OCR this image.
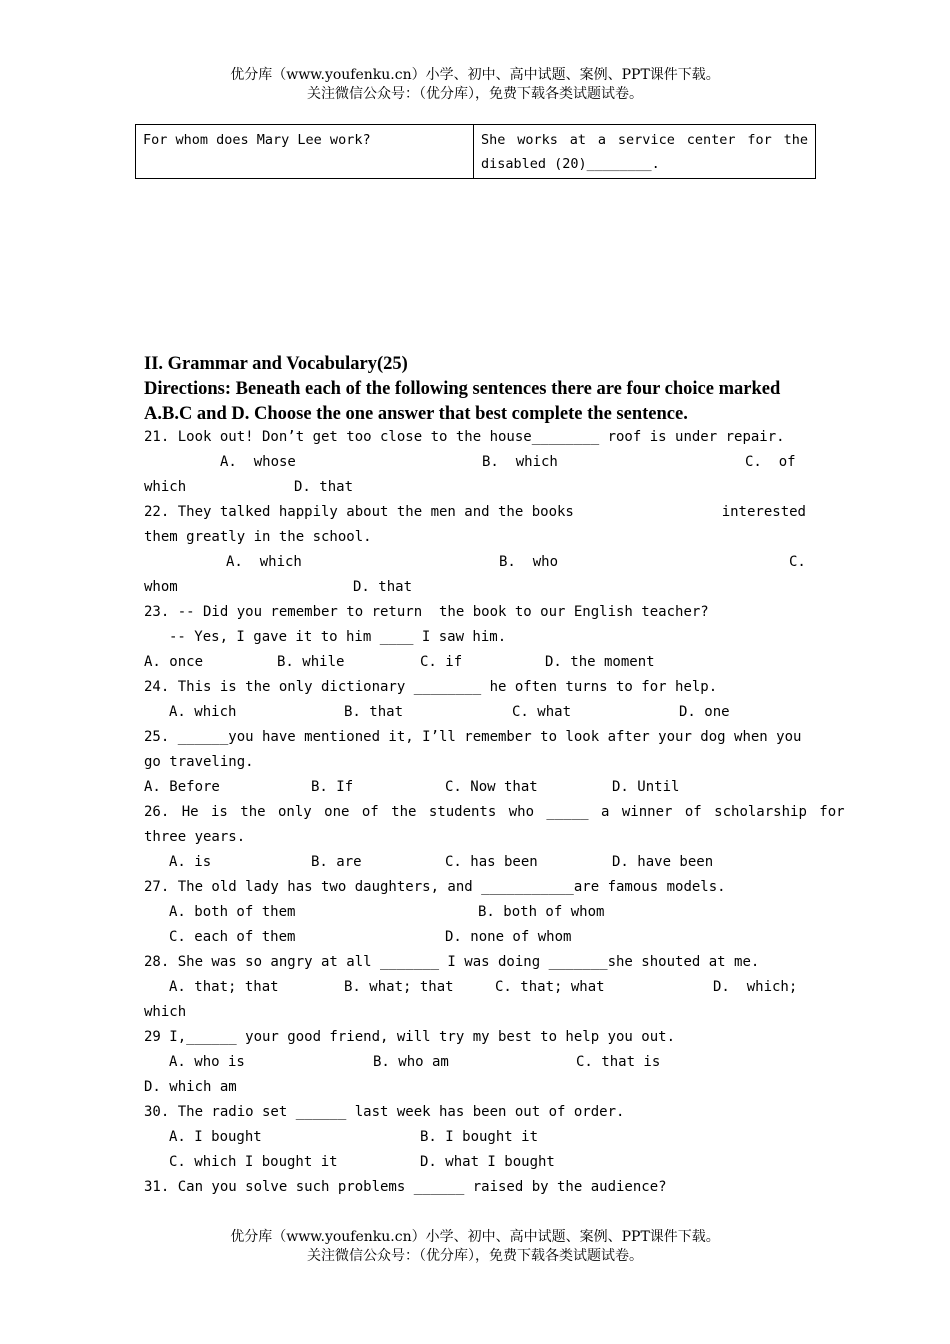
优分库（www.youfenku.cn）小学、初中、高中试题、案例、PPT课件下载。
关注微信公众号：（优分库），免费下载各类试题试卷。
For whom does Mary Lee work?	She works at a service center for the
disabled (20)________.
II. Grammar and Vocabulary(25)
Directions: Beneath each of the following sentences there are four choice marked A.B.C and D. Choose the one answer that best complete the sentence.
21. Look out! Don’t get too close to the house________ roof is under repair.

A.  whose

	B.  which

	C.  of

which

	D. that

22. They talked happily about the men and the books	interested
them greatly in the school.

A.  which

	B.  who

	C.

whom

	D. that

23. -- Did you remember to return  the book to our English teacher?

-- Yes, I gave it to him ____ I saw him.

A. once

	B. while

	C. if

	D. the moment

24. This is the only dictionary ________ he often turns to for help.

A. which

	B. that

	C. what

	D. one

25. ______you have mentioned it, I’ll remember to look after your dog when you
go traveling.

A. Before

	B. If

	C. Now that

	D. Until

26. He is the only one of the students who _____ a winner of scholarship for
three years.

A. is

	B. are

	C. has been

	D. have been

27. The old lady has two daughters, and ___________are famous models.

A. both of them

	B. both of whom

C. each of them

	D. none of whom

28. She was so angry at all _______ I was doing _______she shouted at me.

A. that; that

	B. what; that

	C. that; what

	D.  which;

which
29 I,______ your good friend, will try my best to help you out.

A. who is

	B. who am

	C. that is

D. which am
30. The radio set ______ last week has been out of order.

A. I bought

	B. I bought it

C. which I bought it

	D. what I bought

31. Can you solve such problems ______ raised by the audience?
优分库（www.youfenku.cn）小学、初中、高中试题、案例、PPT课件下载。
关注微信公众号：（优分库），免费下载各类试题试卷。
